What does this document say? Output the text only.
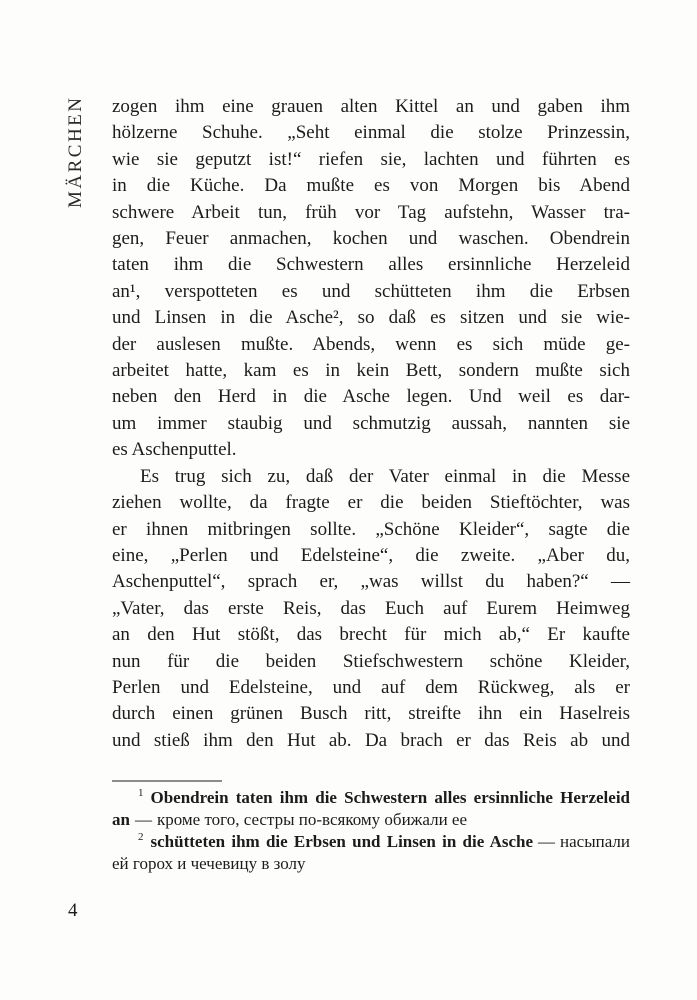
MÄRCHEN zogen ihm eine grauen alten Kittel an und gaben ihm
hölzerne Schuhe. „Seht einmal die stolze Prinzessin,
wie sie geputzt ist!“ riefen sie, lachten und führten es
in die Küche. Da mußte es von Morgen bis Abend
schwere Arbeit tun, früh vor Tag aufstehn, Wasser tra-
gen, Feuer anmachen, kochen und waschen. Obendrein
taten ihm die Schwestern alles ersinnliche Herzeleid
an¹, verspotteten es und schütteten ihm die Erbsen
und Linsen in die Asche², so daß es sitzen und sie wie-
der auslesen mußte. Abends, wenn es sich müde ge-
arbeitet hatte, kam es in kein Bett, sondern mußte sich
neben den Herd in die Asche legen. Und weil es dar-
um immer staubig und schmutzig aussah, nannten sie
es Aschenputtel.
Es trug sich zu, daß der Vater einmal in die Messe
ziehen wollte, da fragte er die beiden Stieftöchter, was
er ihnen mitbringen sollte. „Schöne Kleider“, sagte die
eine, „Perlen und Edelsteine“, die zweite. „Aber du,
Aschenputtel“, sprach er, „was willst du haben?“ —
„Vater, das erste Reis, das Euch auf Eurem Heimweg
an den Hut stößt, das brecht für mich ab,“ Er kaufte
nun für die beiden Stiefschwestern schöne Kleider,
Perlen und Edelsteine, und auf dem Rückweg, als er
durch einen grünen Busch ritt, streifte ihn ein Haselreis
und stieß ihm den Hut ab. Da brach er das Reis ab und

$^1$ Obendrein taten ihm die Schwestern alles ersinnliche Herzeleid an — кроме того, сестры по-всякому обижали ее

$^2$ schütteten ihm die Erbsen und Linsen in die Asche — насыпали ей горох и чечевицу в золу

4
